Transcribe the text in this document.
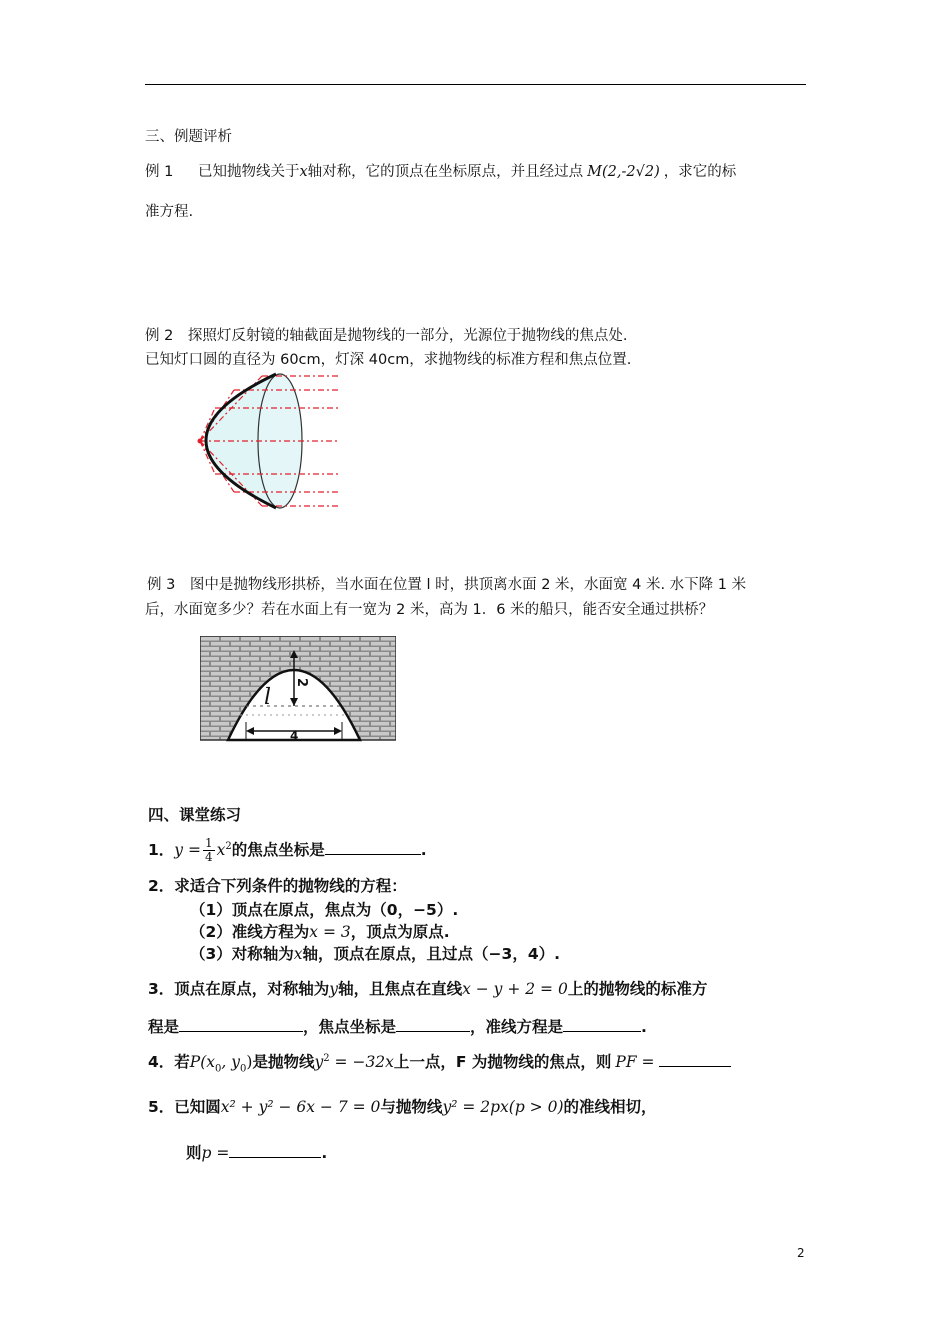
三、例题评析
例 1 已知抛物线关于x轴对称，它的顶点在坐标原点，并且经过点 M(2,-2√2) ，求它的标
准方程.
例 2　探照灯反射镜的轴截面是抛物线的一部分，光源位于抛物线的焦点处.
已知灯口圆的直径为 60cm，灯深 40cm，求抛物线的标准方程和焦点位置.
例 3　图中是抛物线形拱桥，当水面在位置 l 时，拱顶离水面 2 米，水面宽 4 米. 水下降 1 米
后，水面宽多少？若在水面上有一宽为 2 米，高为 1．6 米的船只，能否安全通过拱桥？
2
l
4
四、课堂练习
1．$y = \frac{1}{4} x^2$的焦点坐标是	.
2．求适合下列条件的抛物线的方程：
（1）顶点在原点，焦点为（0，−5）.
（2）准线方程为x = 3，顶点为原点.
（3）对称轴为x轴，顶点在原点，且过点（−3，4）.
3．顶点在原点，对称轴为y轴，且焦点在直线x − y + 2 = 0上的抛物线的标准方
程是	，焦点坐标是	，准线方程是	.
4．若$P(x_0$, $y_0$)是抛物线$y^2 = -32x$上一点，F 为抛物线的焦点，则 PF =
5．已知圆x² + y² − 6x − 7 = 0与抛物线y² = 2px(p > 0)的准线相切，
则p =	.
2
